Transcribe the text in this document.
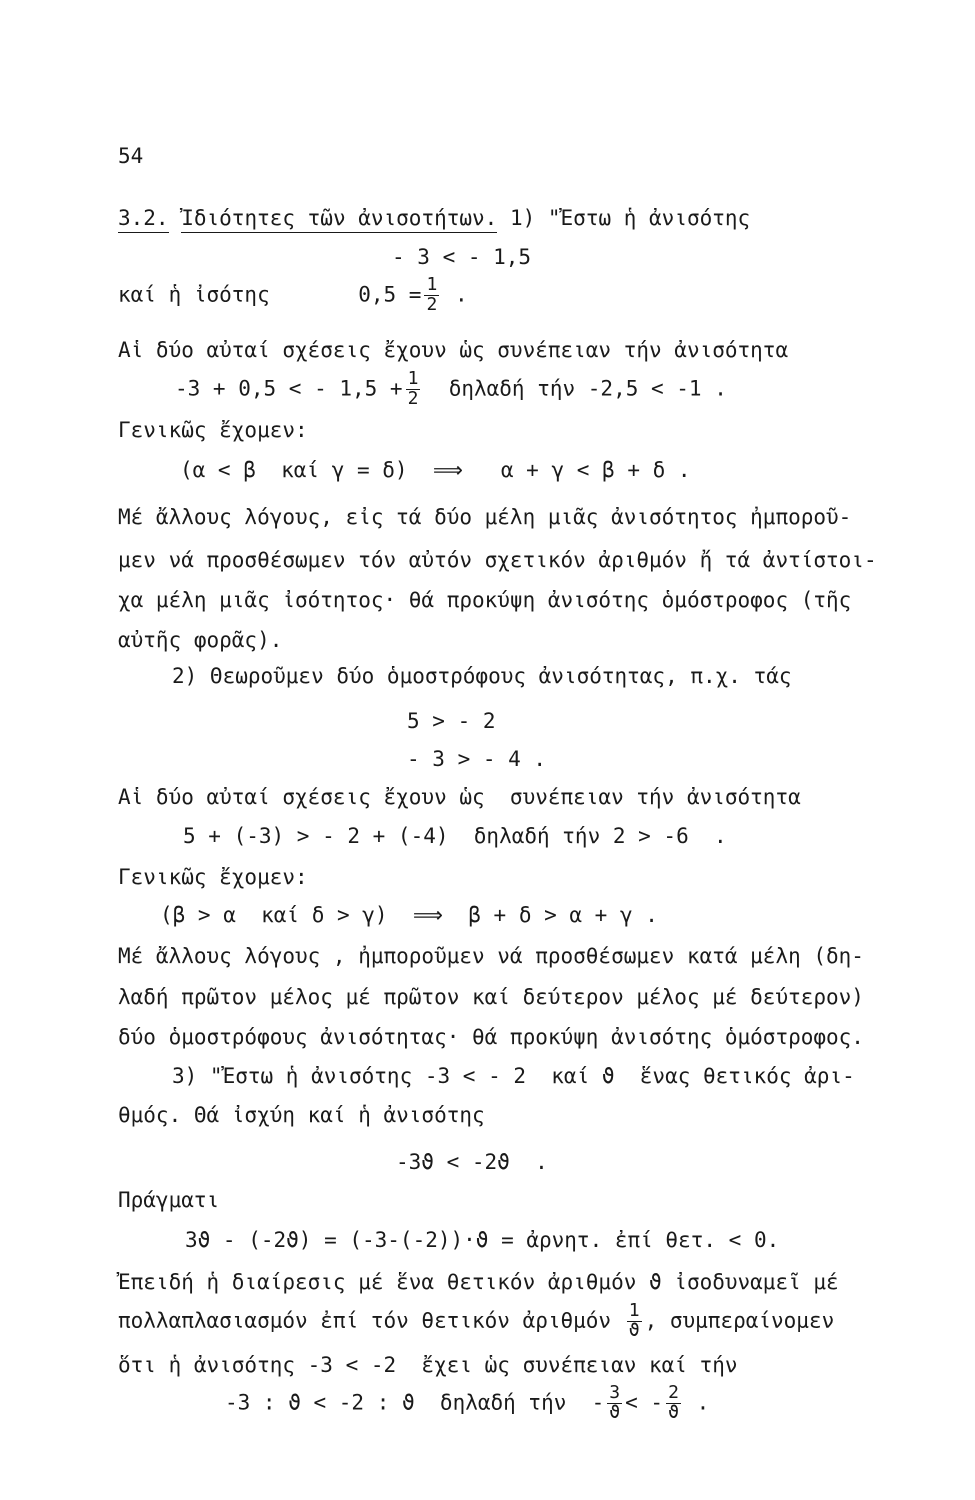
54
3.2. Ἰδιότητες τῶν ἀνισοτήτων. 1) "Ἐστω ἡ ἀνισότης
- 3 < - 1,5
καί ἡ ἰσότης	$0,5 = \frac{1}{2}$ .
Αἱ δύο αὐταί σχέσεις ἔχουν ὡς συνέπειαν τήν ἀνισότητα
-3 + 0,5 < - $1,5 + \frac{1}{2}$ δηλαδή τήν -2,5 < -1 .
Γενικῶς ἔχομεν:
(α < β  καί γ = δ)  ⟹   α + γ < β + δ .
Μέ ἄλλους λόγους, εἰς τά δύο μέλη μιᾶς ἀνισότητος ἠμποροῦ-
μεν νά προσθέσωμεν τόν αὐτόν σχετικόν ἀριθμόν ἤ τά ἀντίστοι-
χα μέλη μιᾶς ἰσότητος· θά προκύψη ἀνισότης ὁμόστροφος (τῆς
αὐτῆς φορᾶς).
2) Θεωροῦμεν δύο ὁμοστρόφους ἀνισότητας, π.χ. τάς
5 > - 2
- 3 > - 4 .
Αἱ δύο αὐταί σχέσεις ἔχουν ὡς  συνέπειαν τήν ἀνισότητα
5 + (-3) > - 2 + (-4)  δηλαδή τήν 2 > -6  .
Γενικῶς ἔχομεν:
(β > α  καί δ > γ)  ⟹  β + δ > α + γ .
Μέ ἄλλους λόγους , ἠμποροῦμεν νά προσθέσωμεν κατά μέλη (δη-
λαδή πρῶτον μέλος μέ πρῶτον καί δεύτερον μέλος μέ δεύτερον)
δύο ὁμοστρόφους ἀνισότητας· θά προκύψη ἀνισότης ὁμόστροφος.
3) "Ἐστω ἡ ἀνισότης -3 < - 2  καί ϑ  ἕνας θετικός ἀρι-
θμός. Θά ἰσχύη καί ἡ ἀνισότης
-3ϑ < -2ϑ  .
Πράγματι
3ϑ - (-2ϑ) = (-3-(-2))·ϑ = ἀρνητ. ἐπί θετ. < 0.
Ἐπειδή ἡ διαίρεσις μέ ἕνα θετικόν ἀριθμόν ϑ ἰσοδυναμεῖ μέ
πολλαπλασιασμόν ἐπί τόν θετικόν ἀριθμόν $\frac{1}{ϑ}$ , συμπεραίνομεν
ὅτι ἡ ἀνισότης -3 < -2  ἔχει ὡς συνέπειαν καί τήν
-3 : ϑ < -2 : ϑ  δηλαδή τήν  - $\frac{3}{ϑ}$ < - $\frac{2}{ϑ}$ .
